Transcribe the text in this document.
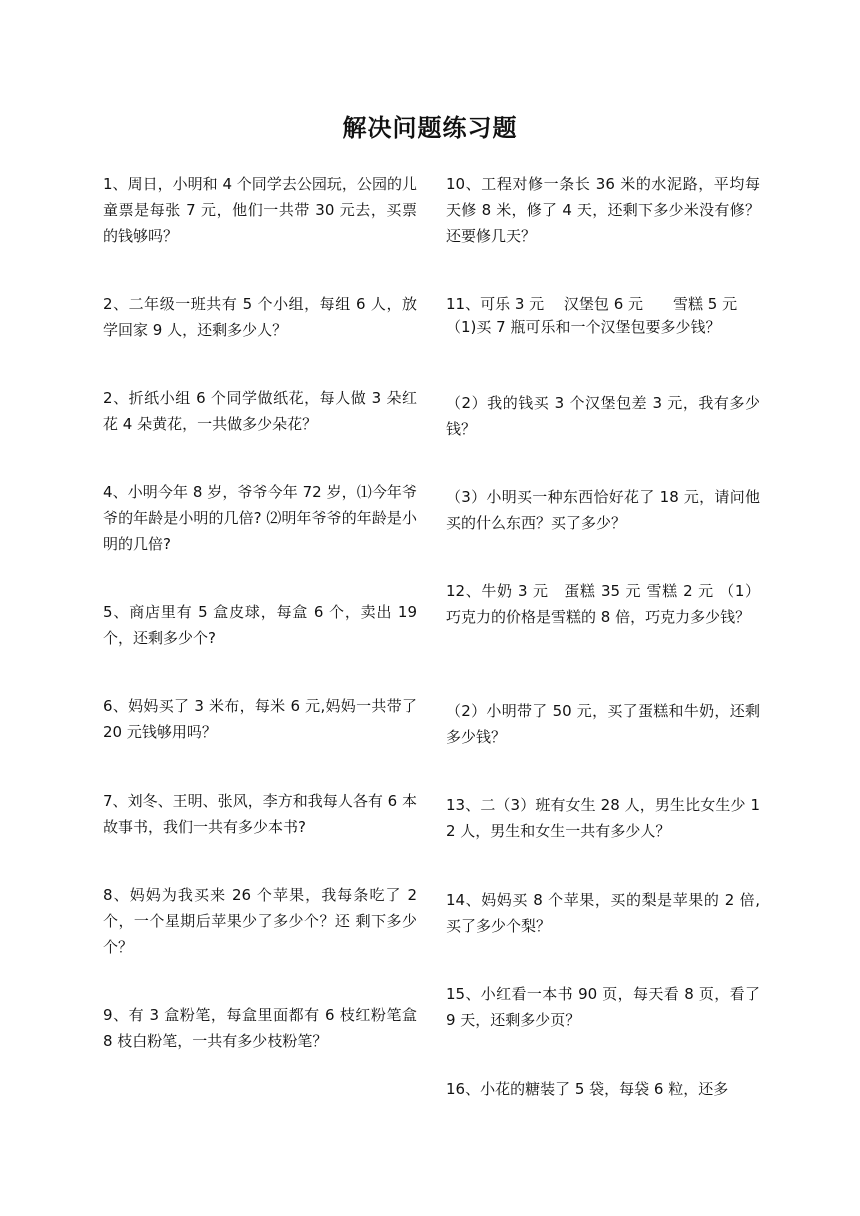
解决问题练习题
1、周日，小明和 4 个同学去公园玩，公园的儿童票是每张 7 元，他们一共带 30 元去，买票的钱够吗？
2、二年级一班共有 5 个小组，每组 6 人，放学回家 9 人，还剩多少人？
2、折纸小组 6 个同学做纸花，每人做 3 朵红花 4 朵黄花，一共做多少朵花？
4、小明今年 8 岁，爷爷今年 72 岁，⑴今年爷爷的年龄是小明的几倍? ⑵明年爷爷的年龄是小明的几倍?
5、商店里有 5 盒皮球，每盒 6 个，卖出 19 个，还剩多少个?
6、妈妈买了 3 米布，每米 6 元,妈妈一共带了 20 元钱够用吗？
7、刘冬、王明、张风，李方和我每人各有 6 本故事书，我们一共有多少本书?
8、妈妈为我买来 26 个苹果，我每条吃了 2 个，一个星期后苹果少了多少个？还 剩下多少个？
9、有 3 盒粉笔，每盒里面都有 6 枝红粉笔盒 8 枝白粉笔，一共有多少枝粉笔？
10、工程对修一条长 36 米的水泥路，平均每天修 8 米，修了 4 天，还剩下多少米没有修？还要修几天？
11、可乐 3 元　 汉堡包 6 元　　雪糕 5 元
（1)买 7 瓶可乐和一个汉堡包要多少钱？
（2）我的钱买 3 个汉堡包差 3 元，我有多少钱？
（3）小明买一种东西恰好花了 18 元，请问他买的什么东西？买了多少？
12、牛奶 3 元　蛋糕 35 元 雪糕 2 元 （1）巧克力的价格是雪糕的 8 倍，巧克力多少钱？
（2）小明带了 50 元，买了蛋糕和牛奶，还剩多少钱？
13、二（3）班有女生 28 人，男生比女生少 12 人，男生和女生一共有多少人？
14、妈妈买 8 个苹果，买的梨是苹果的 2 倍,买了多少个梨？
15、小红看一本书 90 页，每天看 8 页，看了 9 天，还剩多少页？
16、小花的糖装了 5 袋，每袋 6 粒，还多
